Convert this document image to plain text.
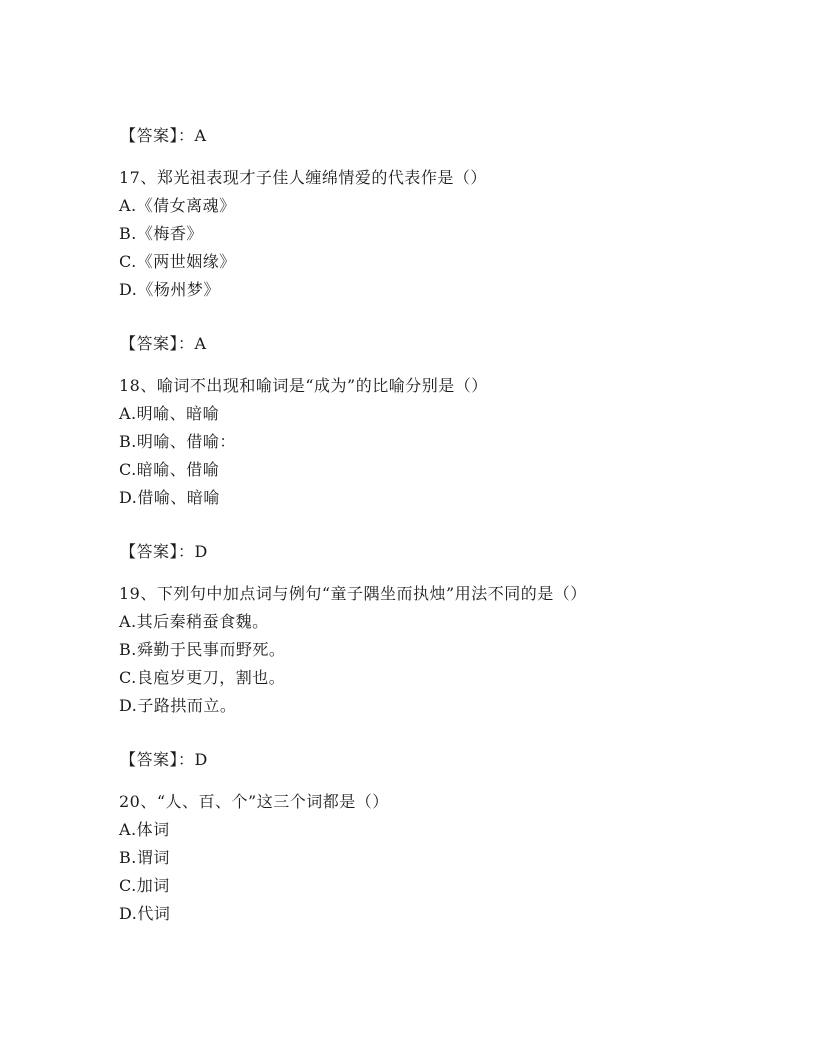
【答案】：A
17、郑光祖表现才子佳人缠绵情爱的代表作是（）
A.《倩女离魂》
B.《梅香》
C.《两世姻缘》
D.《杨州梦》
【答案】：A
18、喻词不出现和喻词是“成为”的比喻分别是（）
A.明喻、暗喻
B.明喻、借喻：
C.暗喻、借喻
D.借喻、暗喻
【答案】：D
19、下列句中加点词与例句“童子隅坐而执烛”用法不同的是（）
A.其后秦稍蚕食魏。
B.舜勤于民事而野死。
C.良庖岁更刀，割也。
D.子路拱而立。
【答案】：D
20、“人、百、个”这三个词都是（）
A.体词
B.谓词
C.加词
D.代词
